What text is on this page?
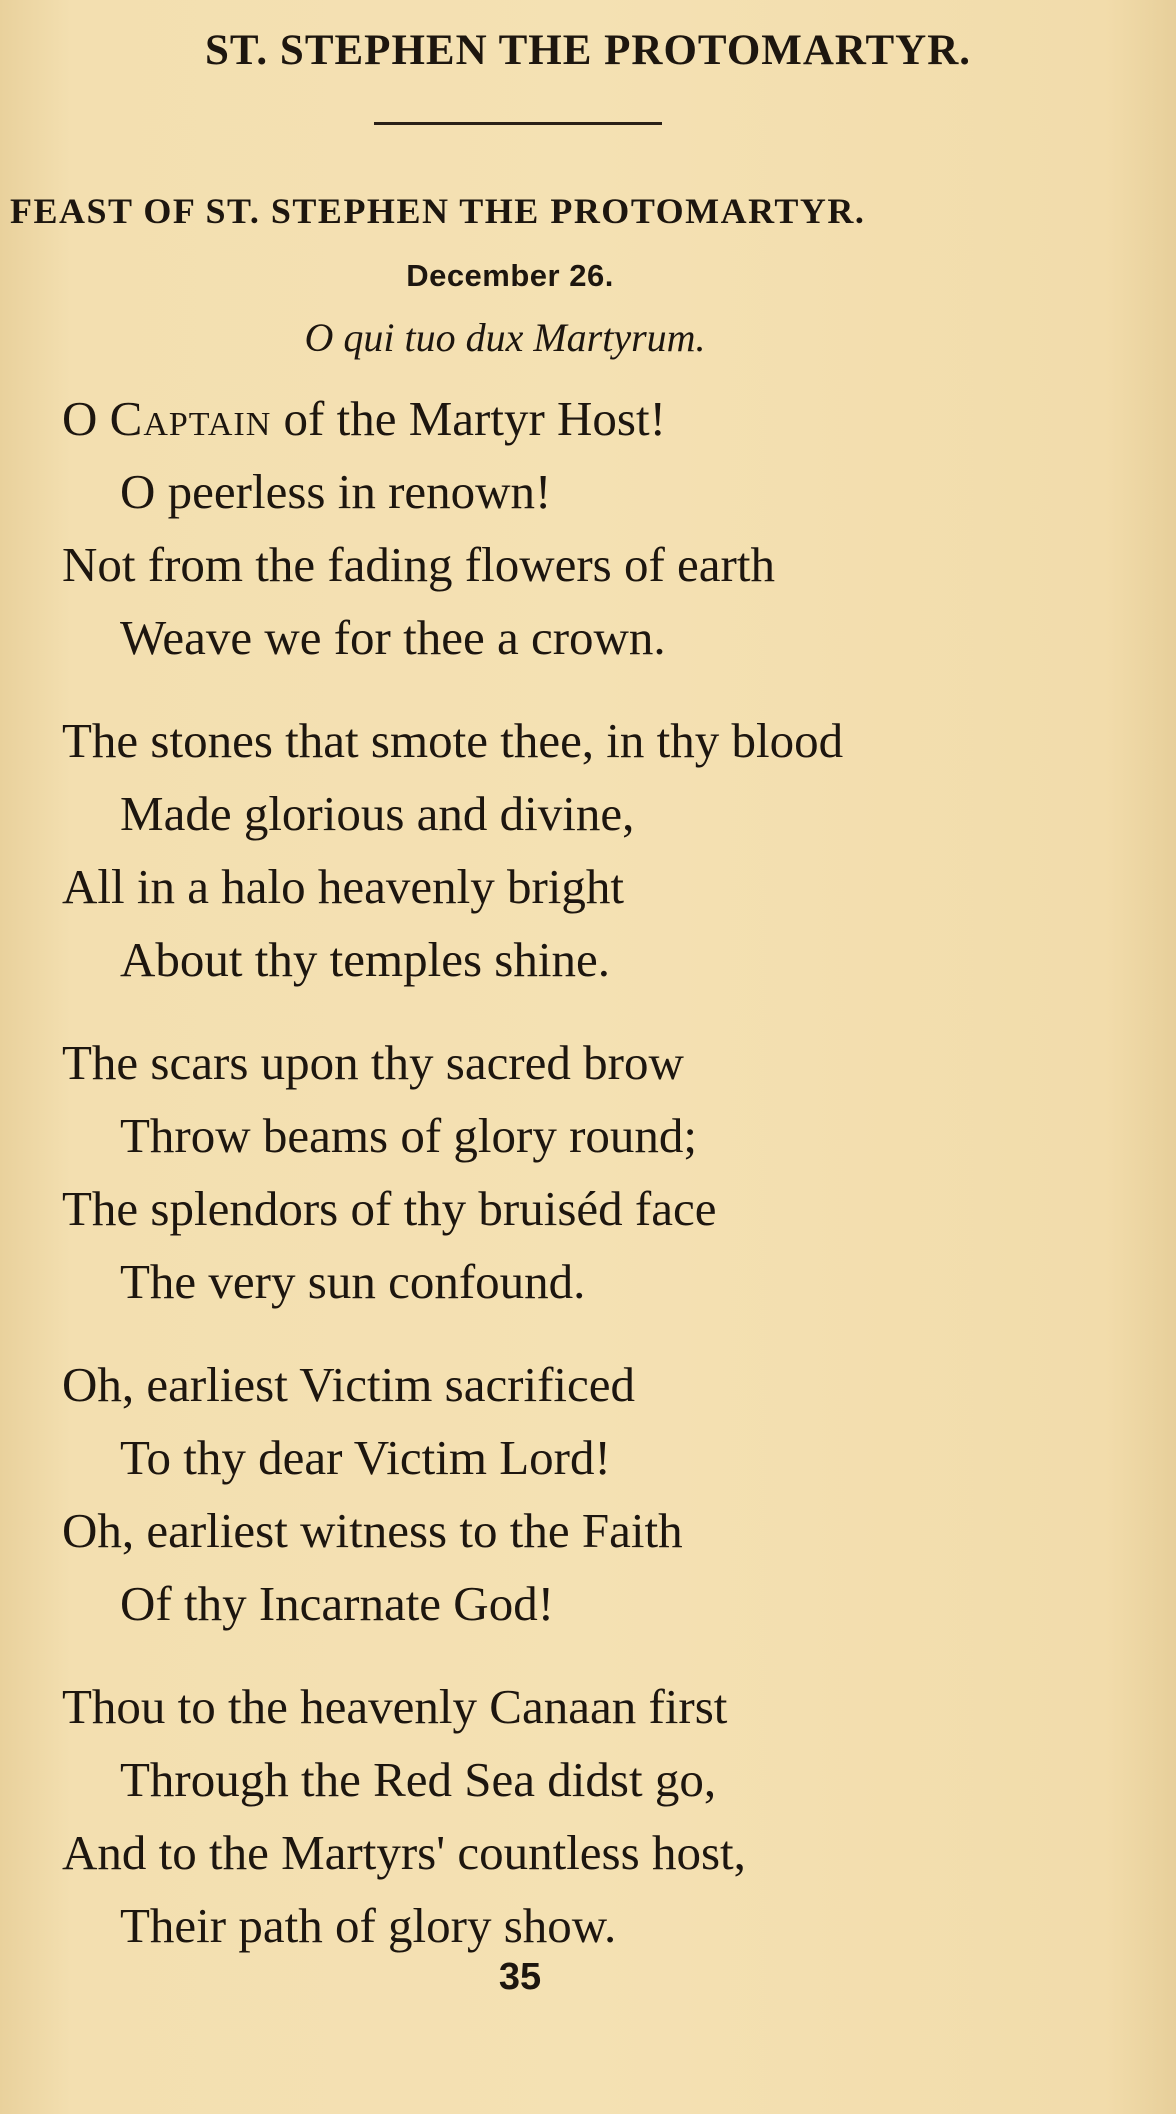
ST. STEPHEN THE PROTOMARTYR.
FEAST OF ST. STEPHEN THE PROTOMARTYR.
December 26.
O qui tuo dux Martyrum.
O Captain of the Martyr Host!
O peerless in renown!
Not from the fading flowers of earth
Weave we for thee a crown.
The stones that smote thee, in thy blood
Made glorious and divine,
All in a halo heavenly bright
About thy temples shine.
The scars upon thy sacred brow
Throw beams of glory round;
The splendors of thy bruiséd face
The very sun confound.
Oh, earliest Victim sacrificed
To thy dear Victim Lord!
Oh, earliest witness to the Faith
Of thy Incarnate God!
Thou to the heavenly Canaan first
Through the Red Sea didst go,
And to the Martyrs' countless host,
Their path of glory show.
35
